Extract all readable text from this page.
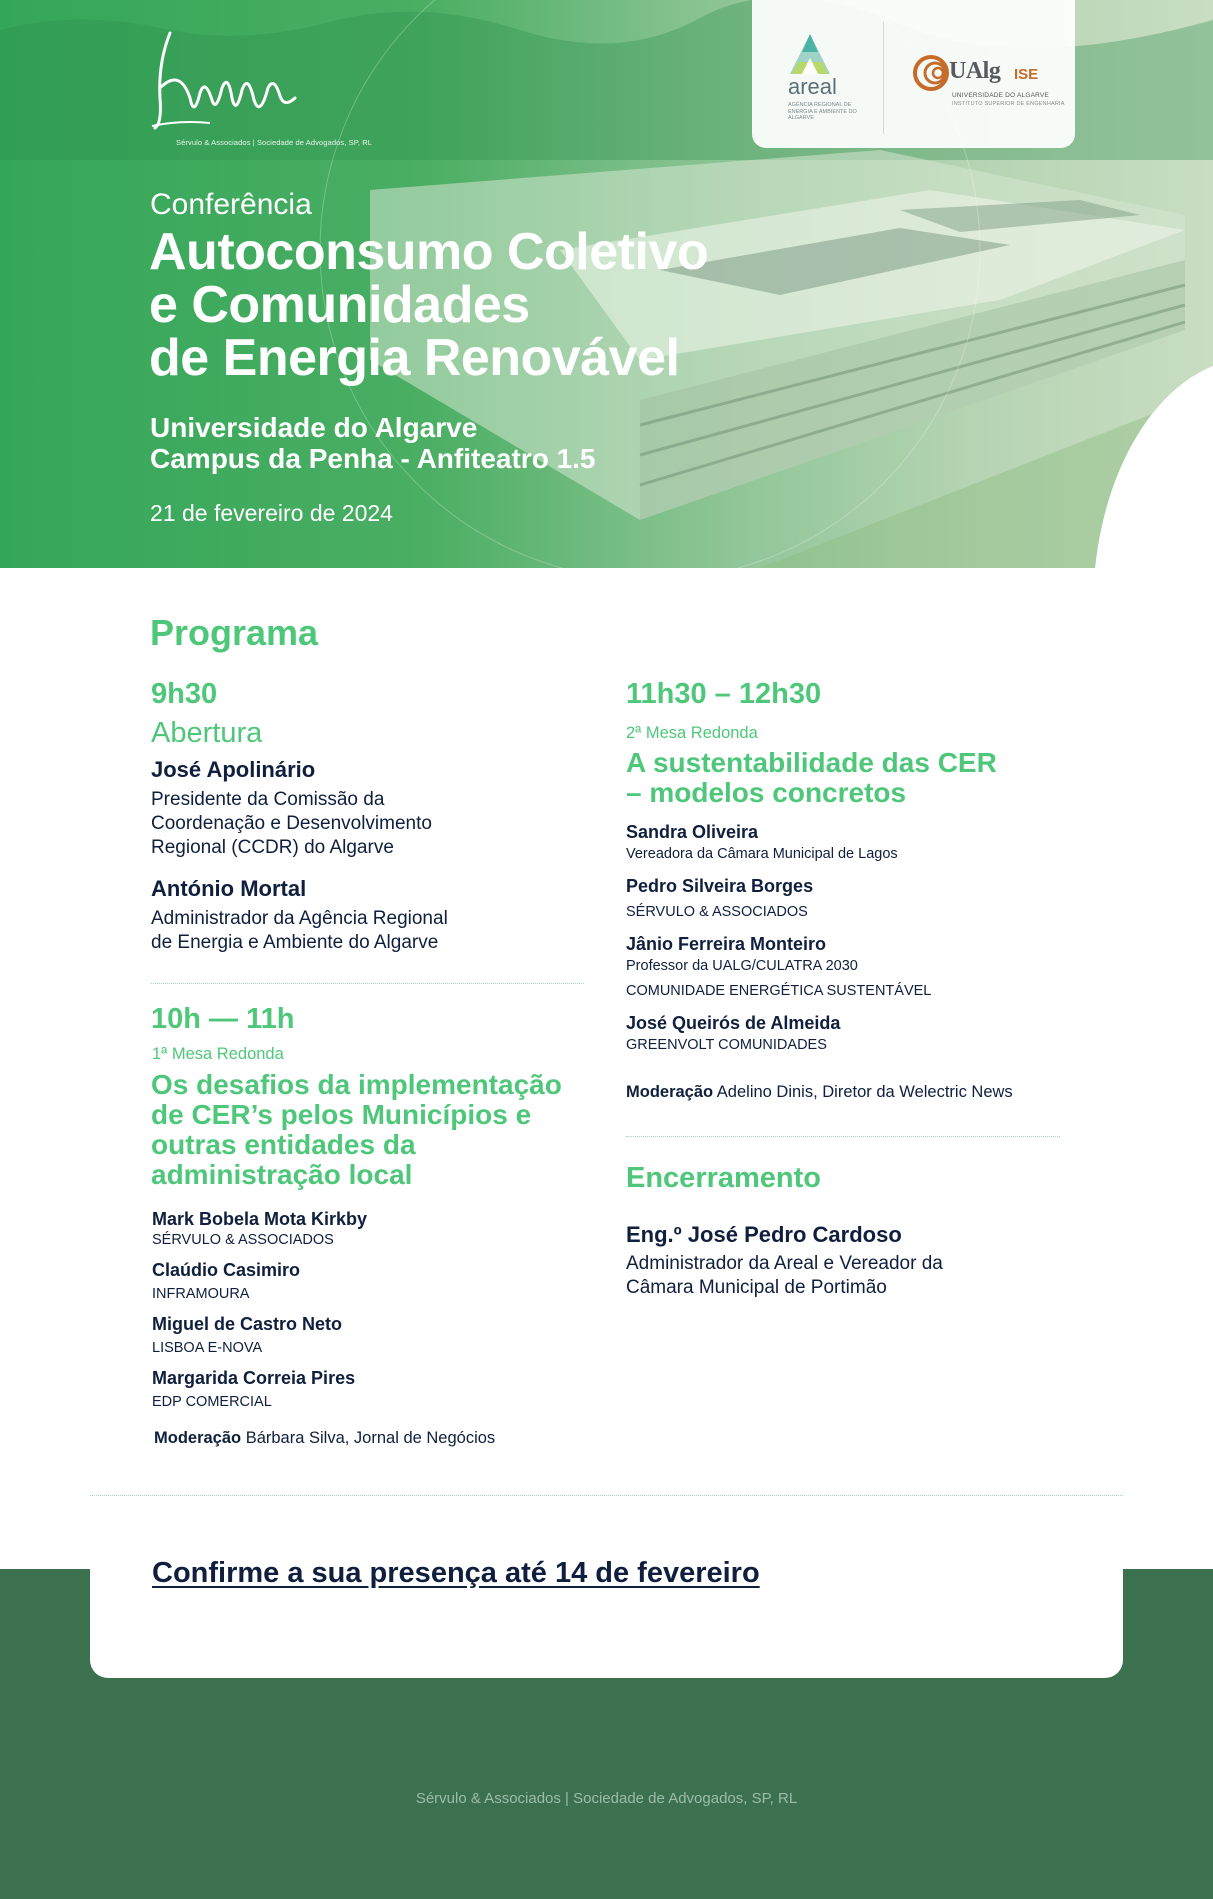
Sérvulo & Associados | Sociedade de Advogados, SP, RL
areal
AGÊNCIA REGIONAL DE ENERGIA E AMBIENTE DO ALGARVE
UAlg ISE
UNIVERSIDADE DO ALGARVE
INSTITUTO SUPERIOR DE ENGENHARIA
Conferência
Autoconsumo Coletivo
e Comunidades
de Energia Renovável
Universidade do Algarve
Campus da Penha - Anfiteatro 1.5
21 de fevereiro de 2024
Programa
9h30
Abertura
José Apolinário
Presidente da Comissão da
Coordenação e Desenvolvimento
Regional (CCDR) do Algarve
António Mortal
Administrador da Agência Regional
de Energia e Ambiente do Algarve
10h — 11h
1ª Mesa Redonda
Os desafios da implementação
de CER’s pelos Municípios e
outras entidades da
administração local
Mark Bobela Mota Kirkby
SÉRVULO & ASSOCIADOS
Claúdio Casimiro
INFRAMOURA
Miguel de Castro Neto
LISBOA E-NOVA
Margarida Correia Pires
EDP COMERCIAL
Moderação Bárbara Silva, Jornal de Negócios
11h30 – 12h30
2ª Mesa Redonda
A sustentabilidade das CER
– modelos concretos
Sandra Oliveira
Vereadora da Câmara Municipal de Lagos
Pedro Silveira Borges
SÉRVULO & ASSOCIADOS
Jânio Ferreira Monteiro
Professor da UALG/CULATRA 2030
COMUNIDADE ENERGÉTICA SUSTENTÁVEL
José Queirós de Almeida
GREENVOLT COMUNIDADES
Moderação Adelino Dinis, Diretor da Welectric News
Encerramento
Eng.º José Pedro Cardoso
Administrador da Areal e Vereador da
Câmara Municipal de Portimão
Confirme a sua presença até 14 de fevereiro
Sérvulo & Associados | Sociedade de Advogados, SP, RL
